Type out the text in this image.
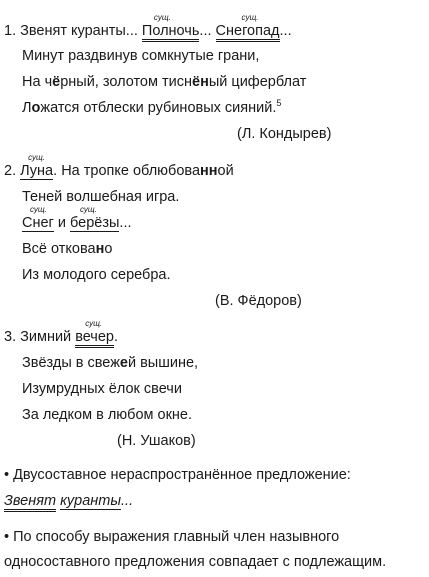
1. Звенят куранты...
сущ.
Полночь...
сущ.
Снегопад...
Минут раздвинув сомкнутые грани,
На чёрный, золотом тиснёный циферблат
Ложатся отблески рубиновых сияний.$^5$
(Л. Кондырев)
2.
сущ.
Луна. На тропке облюбованной
Теней волшебная игра.
сущ.
Снег и
сущ.
берёзы...
Всё отковано
Из молодого серебра.
(В. Фёдоров)
3. Зимний
сущ.
вечер.
Звёзды в свежей вышине,
Изумрудных ёлок свечи
За ледком в любом окне.
(Н. Ушаков)
• Двусоставное нераспространённое предложение:
Звенят куранты...
• По способу выражения главный член назывного
односоставного предложения совпадает с подлежащим.
